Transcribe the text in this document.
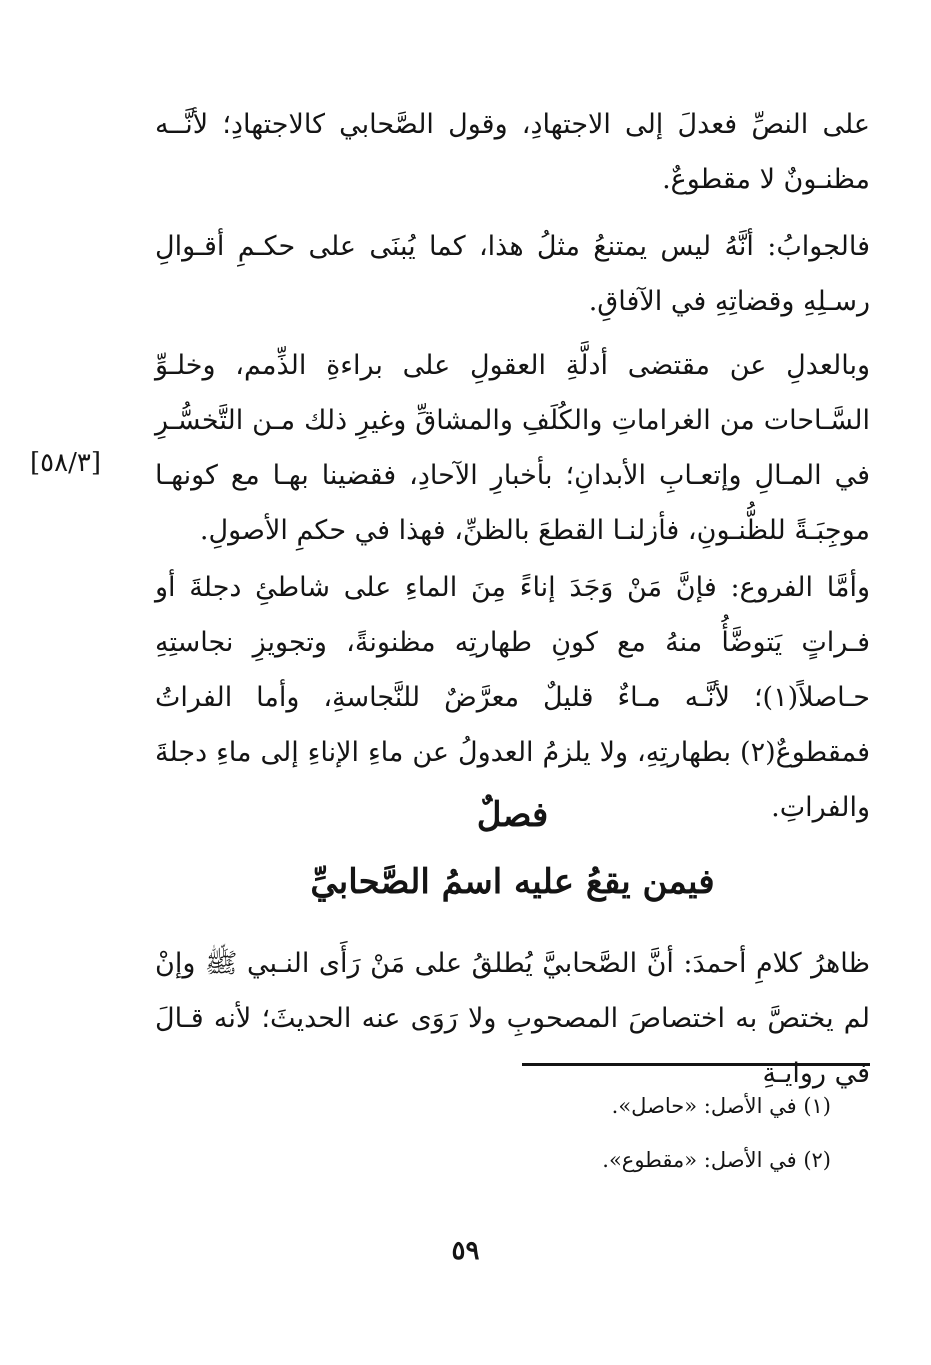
على النصِّ فعدلَ إلى الاجتهادِ، وقول الصَّحابي كالاجتهادِ؛ لأنَّــه مظنـونٌ لا مقطوعٌ.

فالجوابُ: أنَّهُ ليس يمتنعُ مثلُ هذا، كما يُبنَى على حكـمِ أقـوالِ رسـلِهِ وقضاتِهِ في الآفاقِ.

وبالعدلِ عن مقتضى أدلَّةِ العقولِ على براءةِ الذِّمم، وخلـوِّ السَّـاحات من الغراماتِ والكُلَفِ والمشاقِّ وغيرِ ذلك مـن التَّخسُّـرِ في المـالِ وإتعـابِ الأبدانِ؛ بأخبارِ الآحادِ، فقضينا بهـا مع كونهـا موجِبَـةً للظُّنـونِ، فأزلنـا القطعَ بالظنِّ، فهذا في حكمِ الأصولِ.

[٥٨/٣]

وأمَّا الفروع: فإنَّ مَنْ وَجَدَ إناءً مِنَ الماءِ على شاطئِ دجلةَ أو فـراتٍ يَتوضَّأُ منهُ مع كونِ طهارتِه مظنونةً، وتجويزِ نجاستِهِ حـاصلاً(١)؛ لأنَّـه مـاءٌ قليلٌ معرَّضٌ للنَّجاسةِ، وأما الفراتُ فمقطوعٌ(٢) بطهارتِهِ، ولا يلزمُ العدولُ عن ماءِ الإناءِ إلى ماءِ دجلةَ والفراتِ.

فصلٌ
فيمن يقعُ عليه اسمُ الصَّحابيِّ

ظاهرُ كلامِ أحمدَ: أنَّ الصَّحابيَّ يُطلقُ على مَنْ رَأَى النـبي ﷺ وإنْ لم يختصَّ به اختصاصَ المصحوبِ ولا رَوَى عنه الحديثَ؛ لأنه قـالَ في روايـةِ

(١) في الأصل: «حاصل».
(٢) في الأصل: «مقطوع».
٥٩
